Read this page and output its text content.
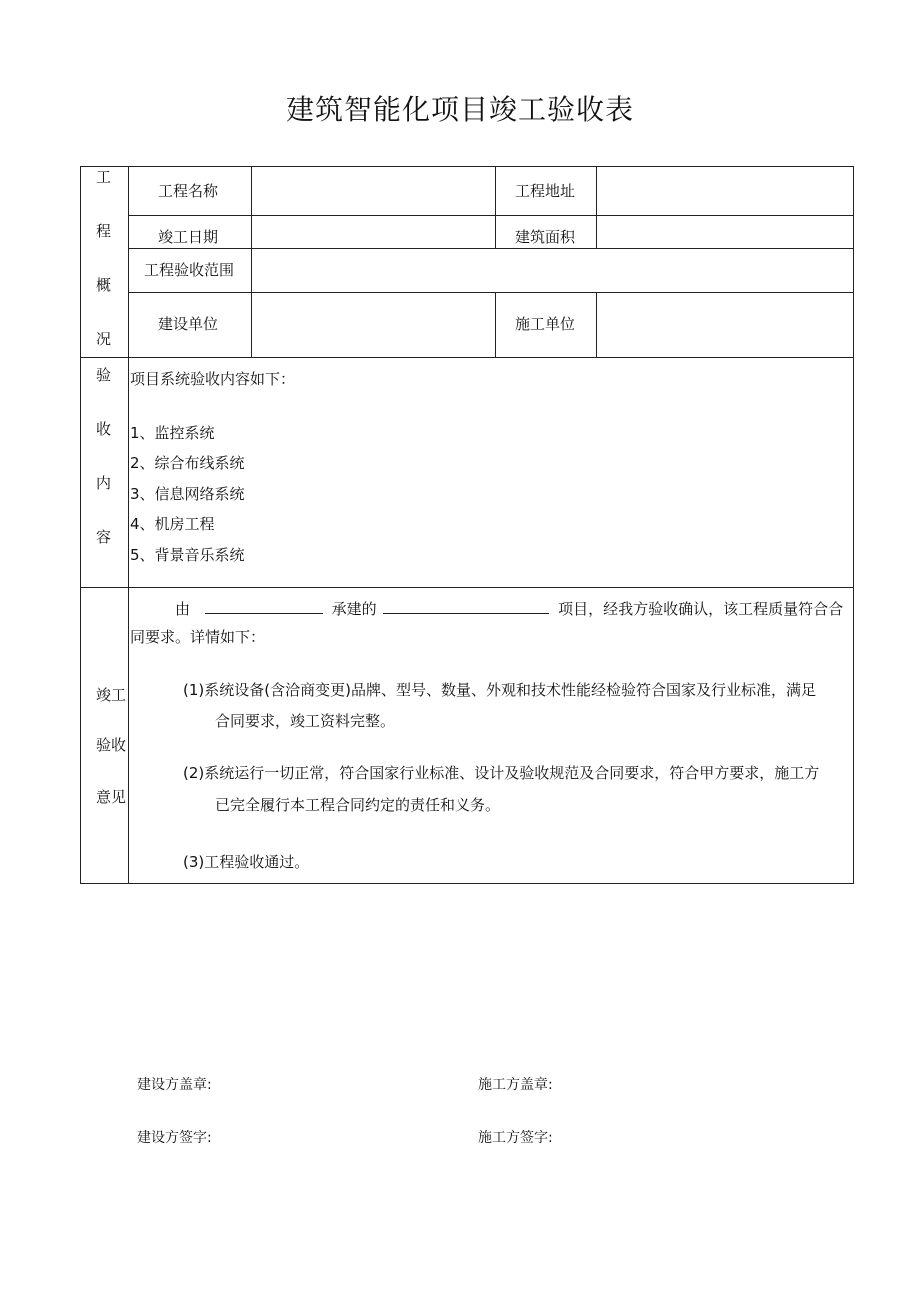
建筑智能化项目竣工验收表
工
程
概
况
工程名称	工程地址
竣工日期	建筑面积
工程验收范围
建设单位	施工单位
验
收
内
容
项目系统验收内容如下：
1、监控系统
2、综合布线系统
3、信息网络系统
4、机房工程
5、背景音乐系统
竣工
验收
意见
由	承建的	项目，经我方验收确认，该工程质量符合合
同要求。详情如下：
(1)系统设备(含洽商变更)品牌、型号、数量、外观和技术性能经检验符合国家及行业标准，满足
合同要求，竣工资料完整。
(2)系统运行一切正常，符合国家行业标准、设计及验收规范及合同要求，符合甲方要求，施工方
已完全履行本工程合同约定的责任和义务。
(3)工程验收通过。
建设方盖章:	施工方盖章:
建设方签字:	施工方签字:
